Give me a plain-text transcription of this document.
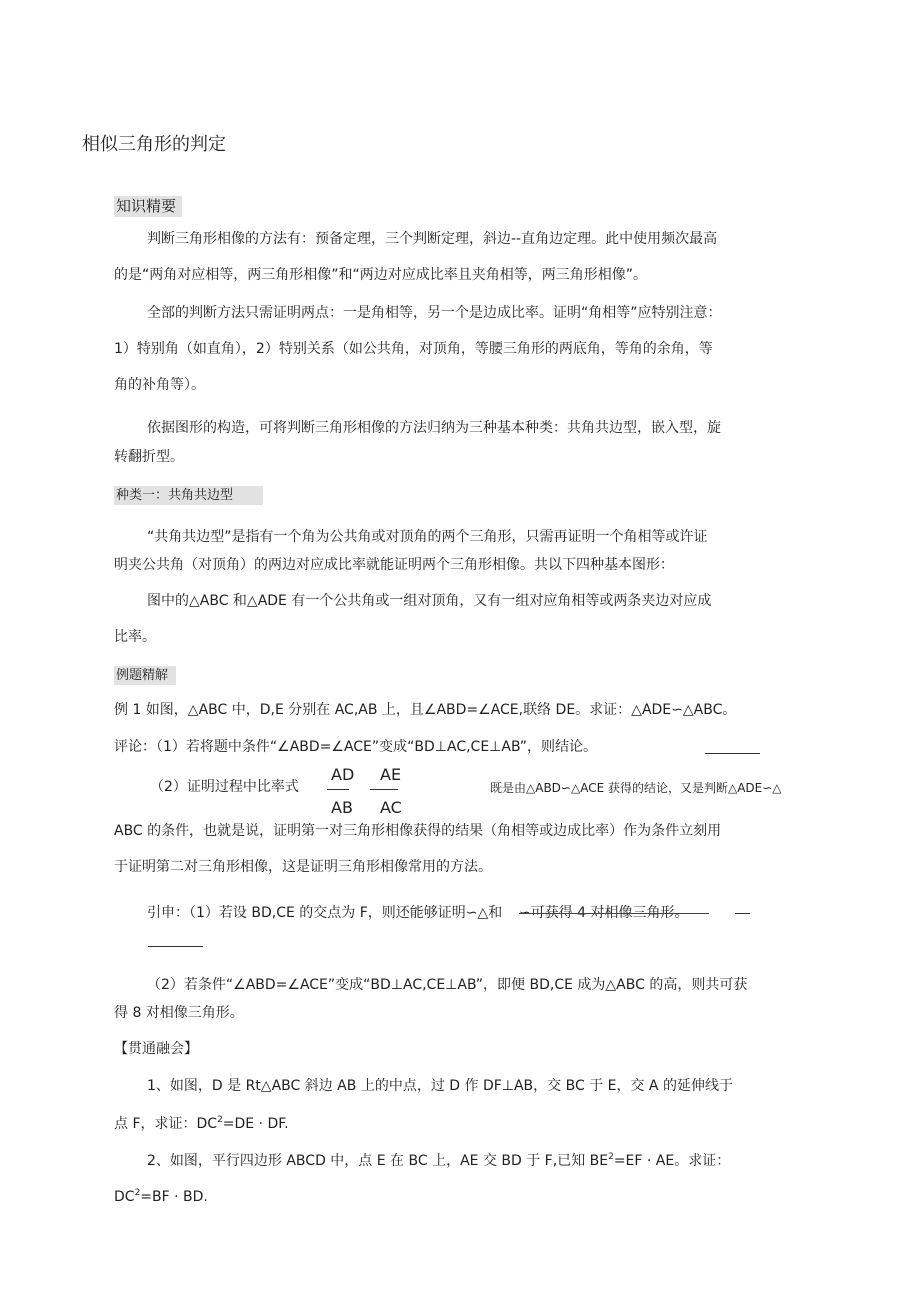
相似三角形的判定
知识精要
判断三角形相像的方法有：预备定理，三个判断定理，斜边--直角边定理。此中使用频次最高
的是“两角对应相等，两三角形相像”和“两边对应成比率且夹角相等，两三角形相像”。
全部的判断方法只需证明两点：一是角相等，另一个是边成比率。证明“角相等”应特别注意：
1）特别角（如直角），2）特别关系（如公共角，对顶角，等腰三角形的两底角，等角的余角，等
角的补角等）。
依据图形的构造，可将判断三角形相像的方法归纳为三种基本种类：共角共边型，嵌入型，旋
转翻折型。
种类一：共角共边型
“共角共边型”是指有一个角为公共角或对顶角的两个三角形，只需再证明一个角相等或许证
明夹公共角（对顶角）的两边对应成比率就能证明两个三角形相像。共以下四种基本图形：
图中的△ABC 和△ADE 有一个公共角或一组对顶角，又有一组对应角相等或两条夹边对应成
比率。
例题精解
例 1 如图，△ABC 中，D,E 分别在 AC,AB 上，且∠ABD=∠ACE,联络 DE。求证：△ADE∽△ABC。
评论：（1）若将题中条件“∠ABD=∠ACE”变成“BD⊥AC,CE⊥AB”，则结论。
（2）证明过程中比率式
AD
AB
AE
AC
既是由△ABD∽△ACE 获得的结论，又是判断△ADE∽△
ABC 的条件，也就是说，证明第一对三角形相像获得的结果（角相等或边成比率）作为条件立刻用
于证明第二对三角形相像，这是证明三角形相像常用的方法。
引申：（1）若设 BD,CE 的交点为 F，则还能够证明∽△和 ∽可获得 4 对相像三角形。
（2）若条件“∠ABD=∠ACE”变成“BD⊥AC,CE⊥AB”，即便 BD,CE 成为△ABC 的高，则共可获
得 8 对相像三角形。
【贯通融会】
1、如图，D 是 Rt△ABC 斜边 AB 上的中点，过 D 作 DF⊥AB，交 BC 于 E，交 A 的延伸线于
点 F，求证：$DC^2=DE$ · DF.
2、如图，平行四边形 ABCD 中，点 E 在 BC 上，AE 交 BD 于 F,已知 $BE^2=EF$ · AE。求证：
$DC^2=BF$ · BD.
